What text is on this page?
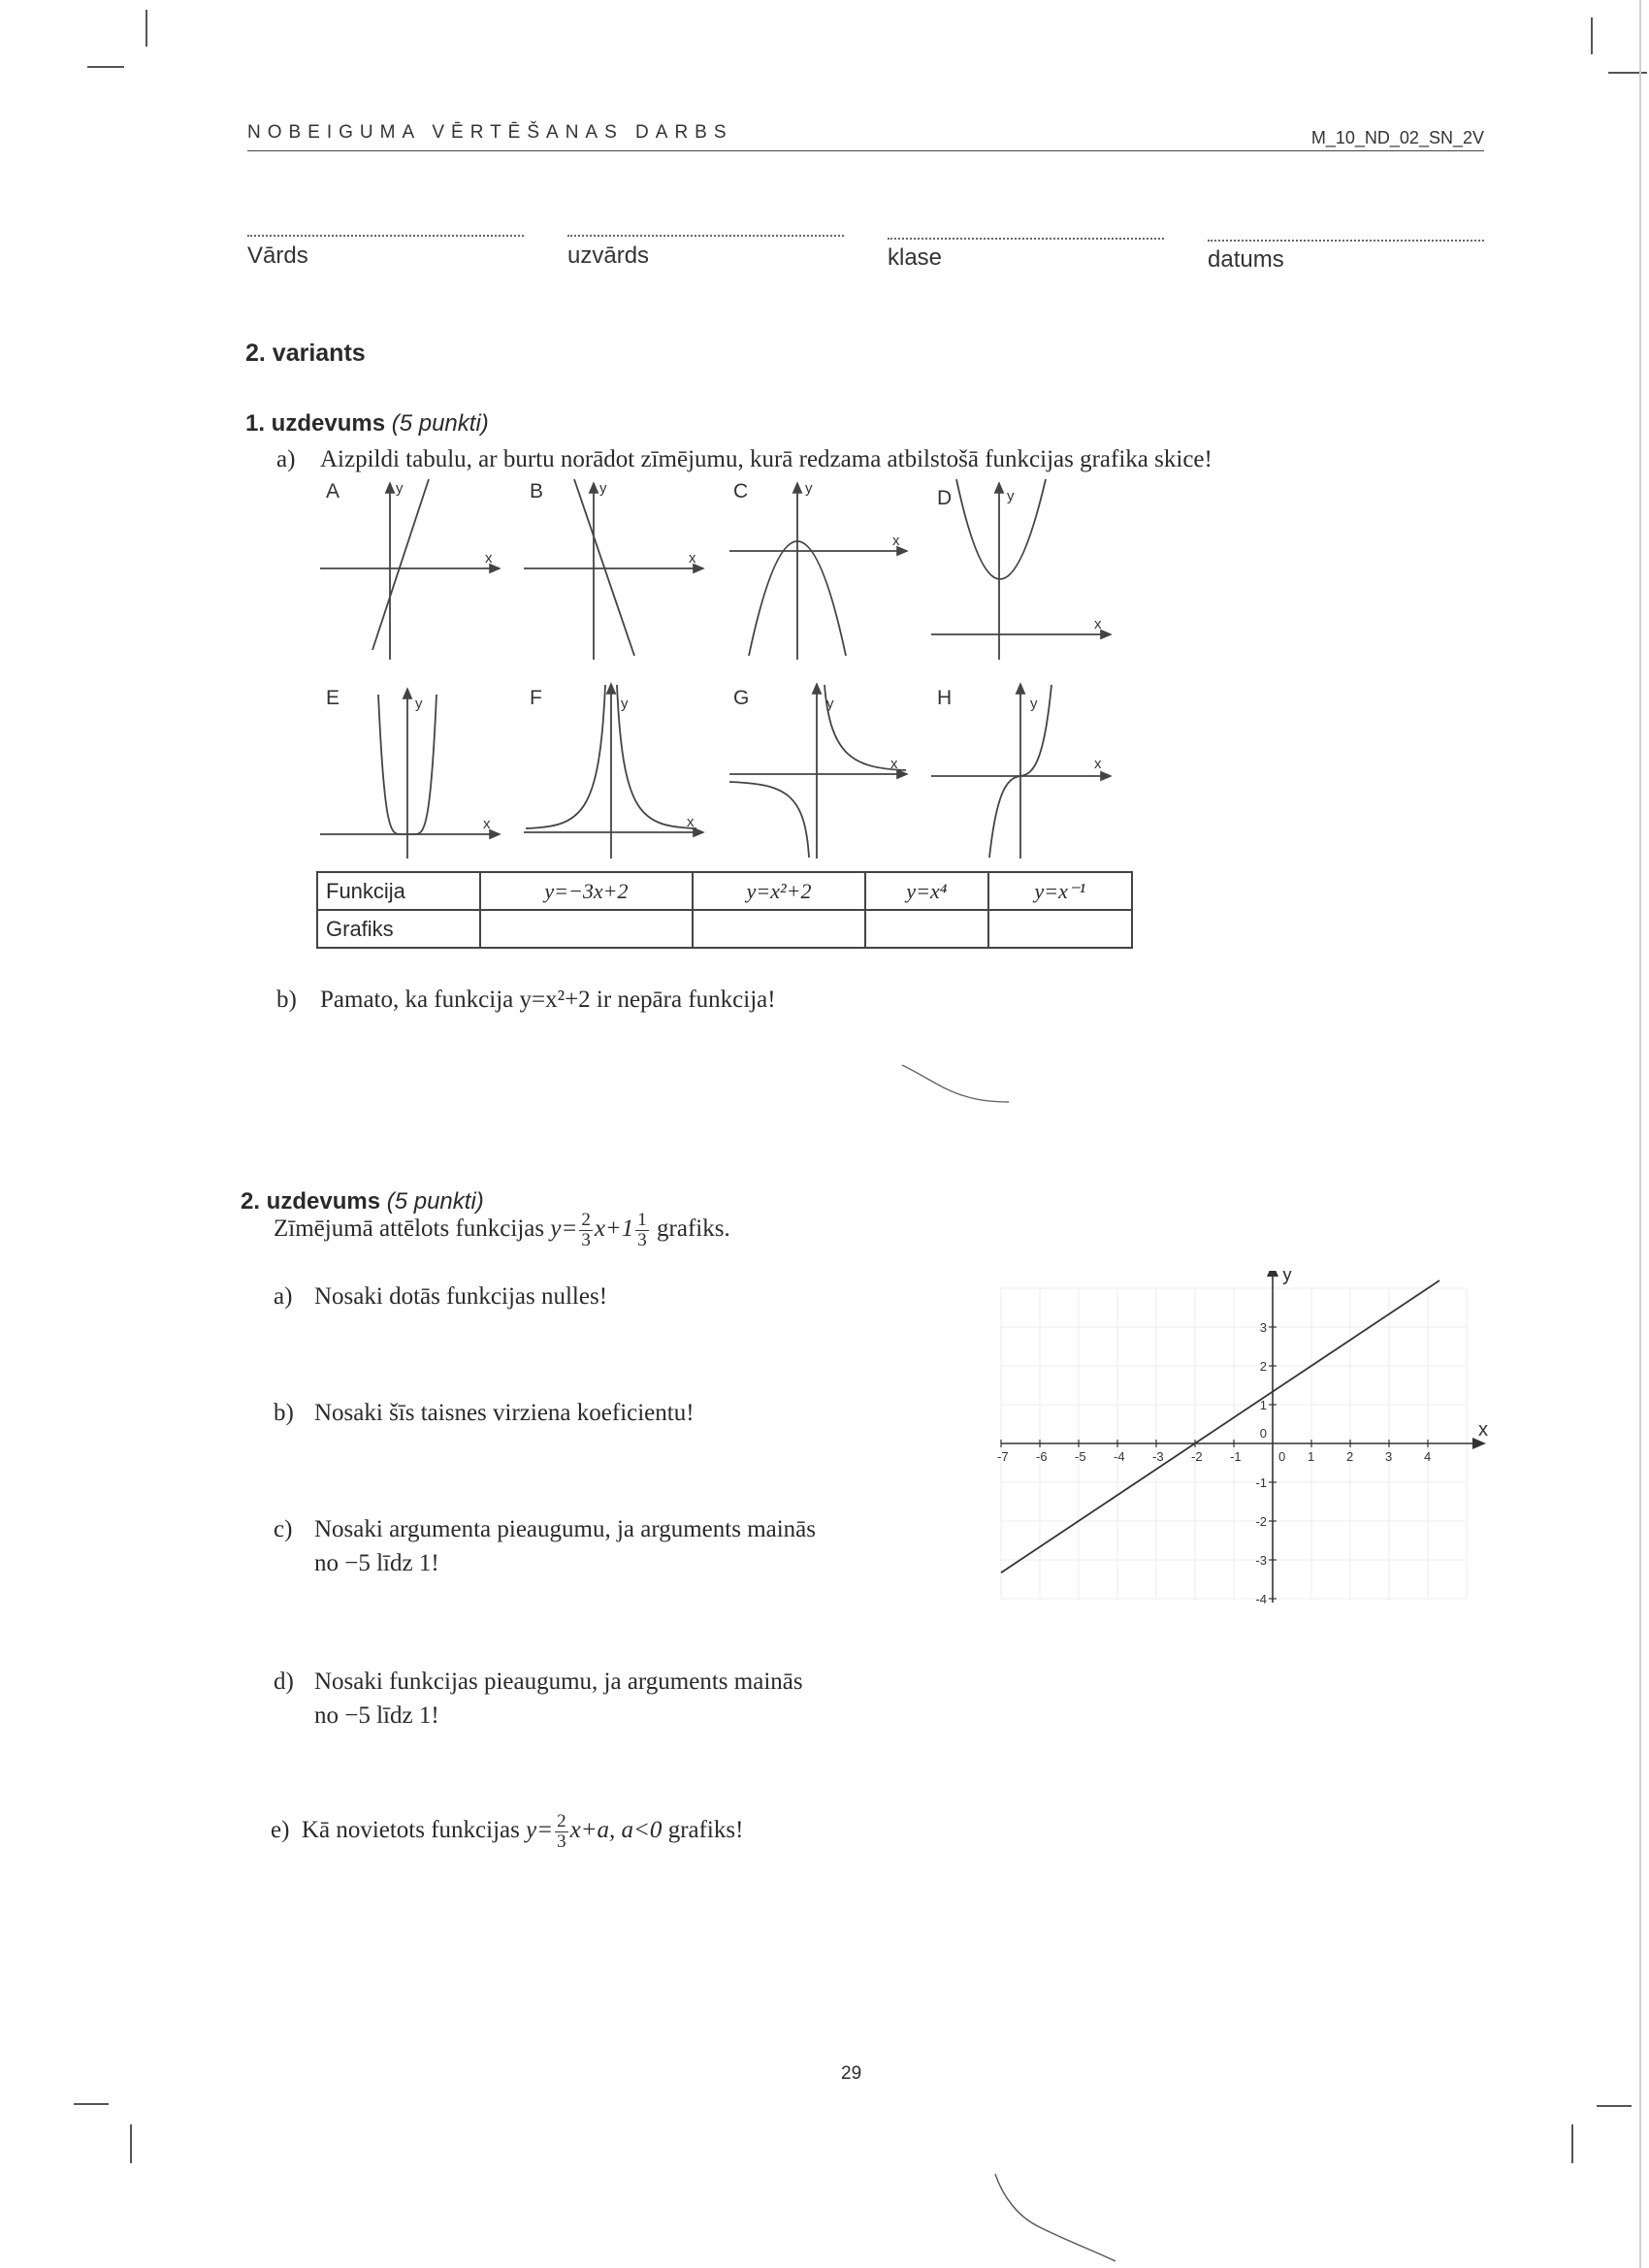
NOBEIGUMA VĒRTĒŠANAS DARBS	M_10_ND_02_SN_2V
Vārds	uzvārds	klase	datums
2. variants
1. uzdevums (5 punkti)
a) Aizpildi tabulu, ar burtu norādot zīmējumu, kurā redzama atbilstošā funkcijas grafika skice!
A	B	C	D
E	F	G	H
x
y
x
y
x
y
x
y
x
y
x
y
x
y
x
y
Funkcija	y=−3x+2	y=x²+2	y=x⁴	y=x⁻¹
Grafiks				
b) Pamato, ka funkcija y=x²+2 ir nepāra funkcija!
2. uzdevums (5 punkti)
Zīmējumā attēlots funkcijas $y= \frac{2}{3} x+1 \frac{1}{3}$ grafiks.
a) Nosaki dotās funkcijas nulles!
b) Nosaki šīs taisnes virziena koeficientu!
c) Nosaki argumenta pieaugumu, ja arguments mainās
no −5 līdz 1!
d) Nosaki funkcijas pieaugumu, ja arguments mainās
no −5 līdz 1!
e) Kā novietots funkcijas $y= \frac{2}{3} x+a$, a<0 grafiks!
x
y
-7 -6 -5 -4 -3 -2 -1	0 1	2	3	4
3
2
1
0
-1
-2
-3
-4
29
